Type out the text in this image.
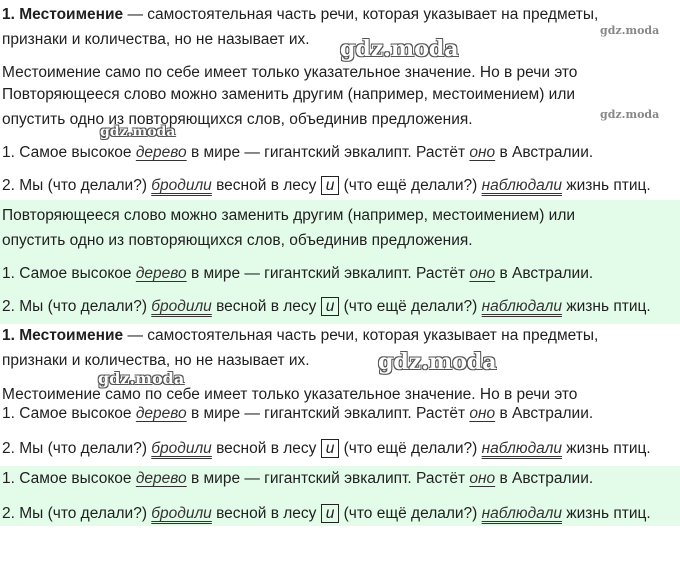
1. Местоимение — самостоятельная часть речи, которая указывает на предметы,
признаки и количества, но не называет их.
Местоимение само по себе имеет только указательное значение. Но в речи это
Повторяющееся слово можно заменить другим (например, местоимением) или
опустить одно из повторяющихся слов, объединив предложения.
1. Самое высокое дерево в мире — гигантский эвкалипт. Растёт оно в Австралии.
2. Мы (что делали?) бродили весной в лесу и (что ещё делали?) наблюдали жизнь птиц.
Повторяющееся слово можно заменить другим (например, местоимением) или
опустить одно из повторяющихся слов, объединив предложения.
1. Самое высокое дерево в мире — гигантский эвкалипт. Растёт оно в Австралии.
2. Мы (что делали?) бродили весной в лесу и (что ещё делали?) наблюдали жизнь птиц.
1. Местоимение — самостоятельная часть речи, которая указывает на предметы,
признаки и количества, но не называет их.
Местоимение само по себе имеет только указательное значение. Но в речи это
1. Самое высокое дерево в мире — гигантский эвкалипт. Растёт оно в Австралии.
2. Мы (что делали?) бродили весной в лесу и (что ещё делали?) наблюдали жизнь птиц.
1. Самое высокое дерево в мире — гигантский эвкалипт. Растёт оно в Австралии.
2. Мы (что делали?) бродили весной в лесу и (что ещё делали?) наблюдали жизнь птиц.
gdz.moda
gdz.moda
gdz.moda
gdz.moda
gdz.moda
gdz.moda
